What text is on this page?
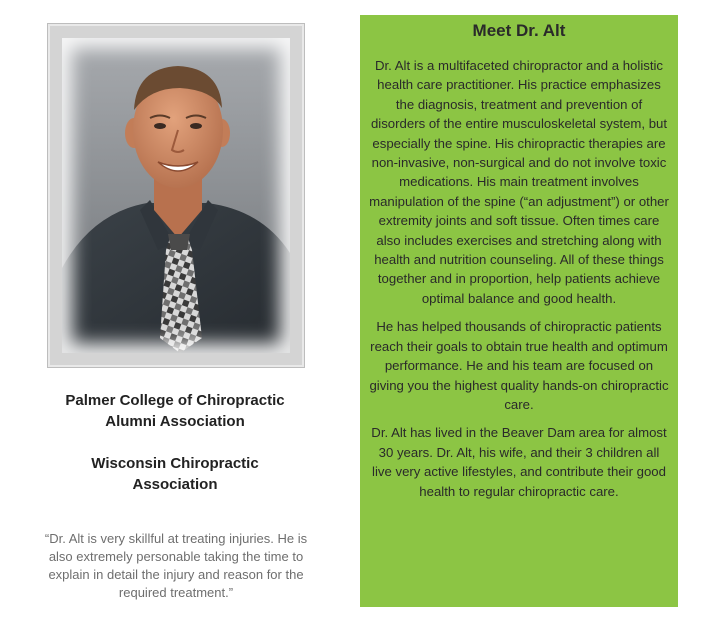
Palmer College of Chiropractic
Alumni Association

Wisconsin Chiropractic
Association

“Dr. Alt is very skillful at treating injuries. He is also extremely personable taking the time to explain in detail the injury and reason for the required treatment.”
Meet Dr. Alt

Dr. Alt is a multifaceted chiropractor and a holistic health care practitioner. His practice emphasizes the diagnosis, treatment and prevention of disorders of the entire musculoskeletal system, but especially the spine. His chiropractic therapies are non-invasive, non-surgical and do not involve toxic medications. His main treatment involves manipulation of the spine (“an adjustment”) or other extremity joints and soft tissue. Often times care also includes exercises and stretching along with health and nutrition counseling. All of these things together and in proportion, help patients achieve optimal balance and good health.

He has helped thousands of chiropractic patients reach their goals to obtain true health and optimum performance. He and his team are focused on giving you the highest quality hands-on chiropractic care.

Dr. Alt has lived in the Beaver Dam area for almost 30 years. Dr. Alt, his wife, and their 3 children all live very active lifestyles, and contribute their good health to regular chiropractic care.
